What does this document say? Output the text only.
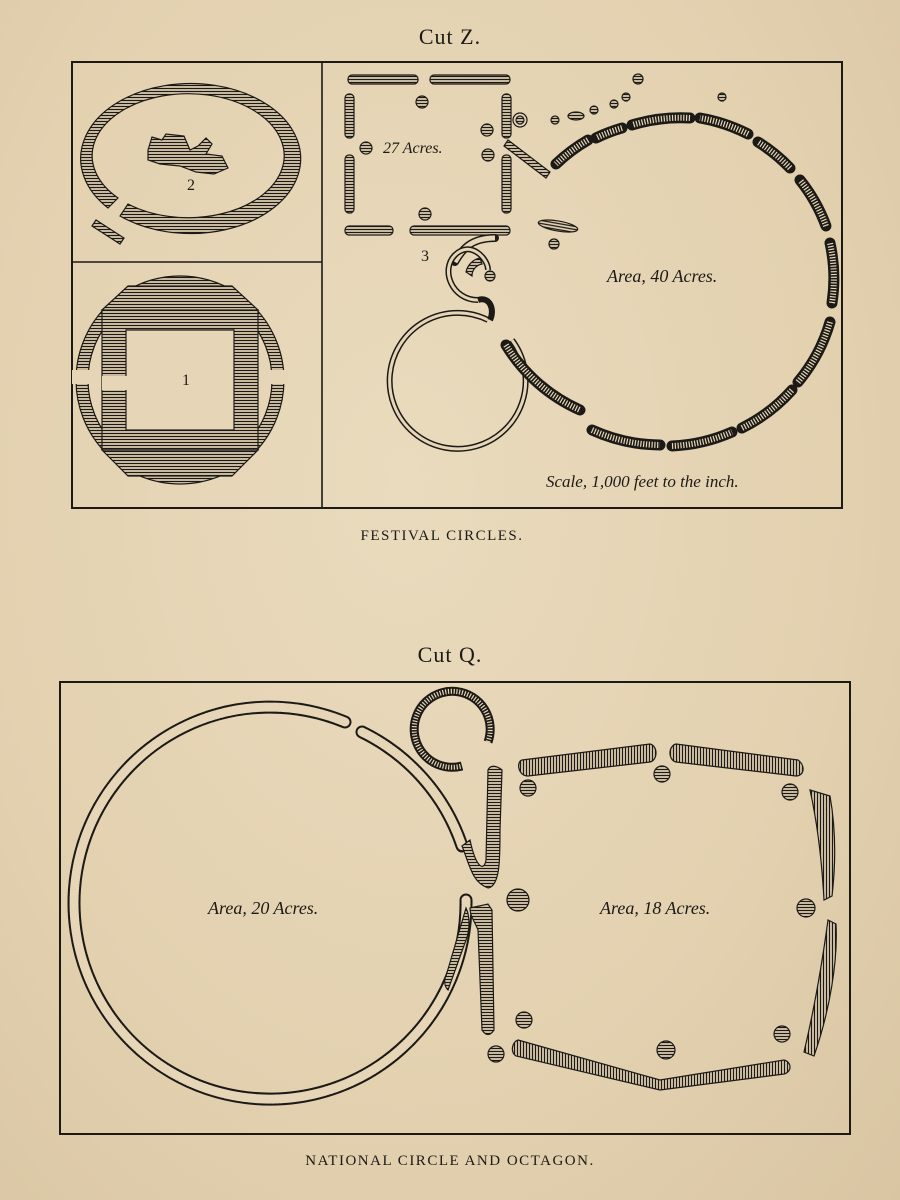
Cut Z.
1
2
3
27 Acres.
Area, 40 Acres.
Scale, 1,000 feet to the inch.
Area, 20 Acres.	Area, 18 Acres.
FESTIVAL CIRCLES.
Cut Q.
NATIONAL CIRCLE AND OCTAGON.
